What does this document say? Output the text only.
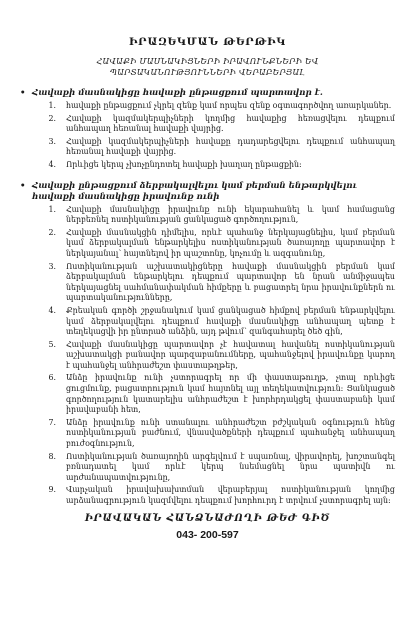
ԻՐԱԶԵԿՄԱՆ ԹԵՐԹԻԿ
ՀԱՎԱՔԻ ՄԱՍՆԱԿԻՑՆԵՐԻ ԻՐԱՎՈՒՆՔՆԵՐԻ ԵՎ ՊԱՐՏԱԿԱՆՈՒԹՅՈՒՆՆԵՐԻ ՎԵՐԱԲԵՐՅԱԼ
• Հավաքի մասնակիցը հավաքի ընթացքում պարտավոր է.
1.	հավաքի ընթացքում չկրել զենք կամ որպես զենք օգտագործվող առարկաներ.
2.	Հավաքի կազմակերպիչների կողմից հավաքից հեռացվելու դեպքում անհապաղ հեռանալ հավաքի վայրից.
3.	Հավաքի կազմակերպիչների հավաքը դադարեցվելու դեպքում անհապաղ հեռանալ հավաքի վայրից.
4.	Որևիցե կերպ չխոչընդոտել հավաքի խաղաղ ընթացքին:
• Հավաքի ընթացքում ձերբակալվելու կամ բերման ենթարկվելու հավաքի մասնակիցը իրավունք ունի
1.	Հավաքի մասնակիցը իրավունք ունի եկարահանել և կամ համացանց ներբեռնել ոստիկանության ցանկացած գործողություն,
2.	Հավաքի մասնակցին դիմելիս, որևէ պահանջ ներկայացնելիս, կամ բերման կամ ձերբակալման ենթարկելիս ոստիկանության ծառայողը պարտավոր է ներկայանալ՝ հայտնելով իր պաշտոնը, կոչումը և ազգանունը,
3.	Ոստիկանության աշխատակիցները հավաքի մասնակցին բերման կամ ձերբակալման ենթարկելու դեպքում պարտավոր են նրան անմիջապես ներկայացնել սահմանափակման հիմքերը և բացատրել նրա իրավունքներն ու պարտականությունները,
4.	Քրեական գործի շրջանակում կամ ցանկացած հիմքով բերման ենթարկվելու կամ ձերբակալվելու դեպքում հավաքի մասնակիցը անհապաղ պետք է տեղեկացվի իր ընտրած անձին, այդ թվում՝ զանգահարել ծեծ գին,
5.	Հավաքի մասնակիցը պարտավոր չէ հավատալ հավանել ոստիկանության աշխատակցի բանավոր պարզաբանումները, պահանջելով իրավունքը կարող է պահանջել անհրաժեշտ փաստաթղթեր,
6.	Անձը իրավունք ունի չստորագրել որ մի փաստաթուղթ, չտալ որևիցե ցուցմունք, բացատրություն կամ հայտնել այլ տեղեկատվություն: Ցանկացած գործողություն կատարելիս անհրաժեշտ է խորհրդակցել փաստաբանի կամ իրավաբանի հետ,
7.	Անձը իրավունք ունի ստանալու անհրաժեշտ բժշկական օգնություն հենց ոստիկանության բաժնում, վնասվածքների դեպքում պահանջել անհապաղ բուժօգնություն,
8.	Ոստիկանության ծառայողին արգելվում է սպառնալ, վիրավորել, խոշտանգել բռնադատել կամ որևէ կերպ նսեմացնել նրա պատիվն ու արժանապատվությունը,
9.	Վարչական իրավախախտման վերաբերյալ ոստիկանության կողմից արձանագրություն կազմվելու դեպքում խորհուրդ է տրվում չստորագրել այն:
ԻՐԱՎԱԿԱՆ ՀԱՆՁՆԱԺՈՂԻ ԹԵԺ ԳԻԾ
043- 200-597
